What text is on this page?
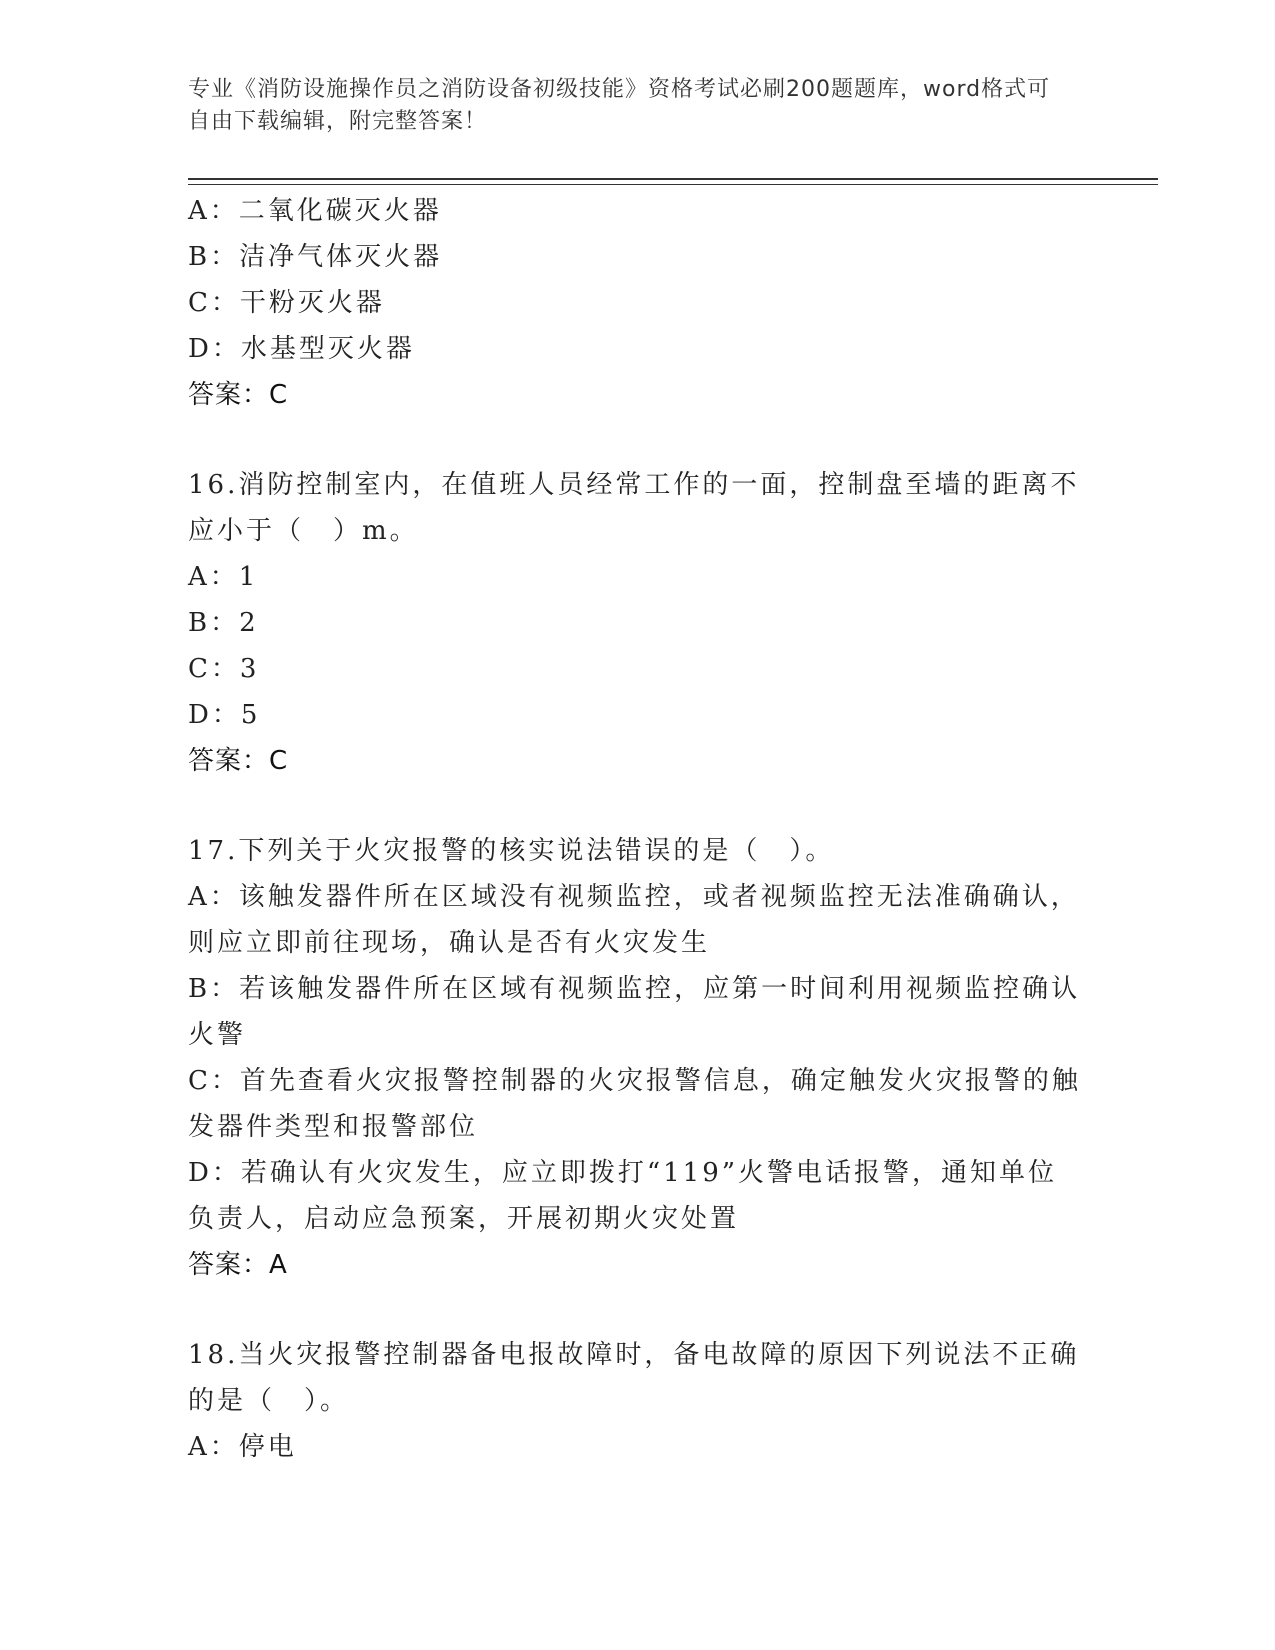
专业《消防设施操作员之消防设备初级技能》资格考试必刷200题题库，word格式可自由下载编辑，附完整答案！
A：二氧化碳灭火器
B：洁净气体灭火器
C：干粉灭火器
D：水基型灭火器
答案：C
16.消防控制室内，在值班人员经常工作的一面，控制盘至墙的距离不
应小于（　）m。
A：1
B：2
C：3
D：5
答案：C
17.下列关于火灾报警的核实说法错误的是（　）。
A：该触发器件所在区域没有视频监控，或者视频监控无法准确确认，
则应立即前往现场，确认是否有火灾发生
B：若该触发器件所在区域有视频监控，应第一时间利用视频监控确认
火警
C：首先查看火灾报警控制器的火灾报警信息，确定触发火灾报警的触
发器件类型和报警部位
D：若确认有火灾发生，应立即拨打“119”火警电话报警，通知单位
负责人，启动应急预案，开展初期火灾处置
答案：A
18.当火灾报警控制器备电报故障时，备电故障的原因下列说法不正确
的是（　）。
A：停电
